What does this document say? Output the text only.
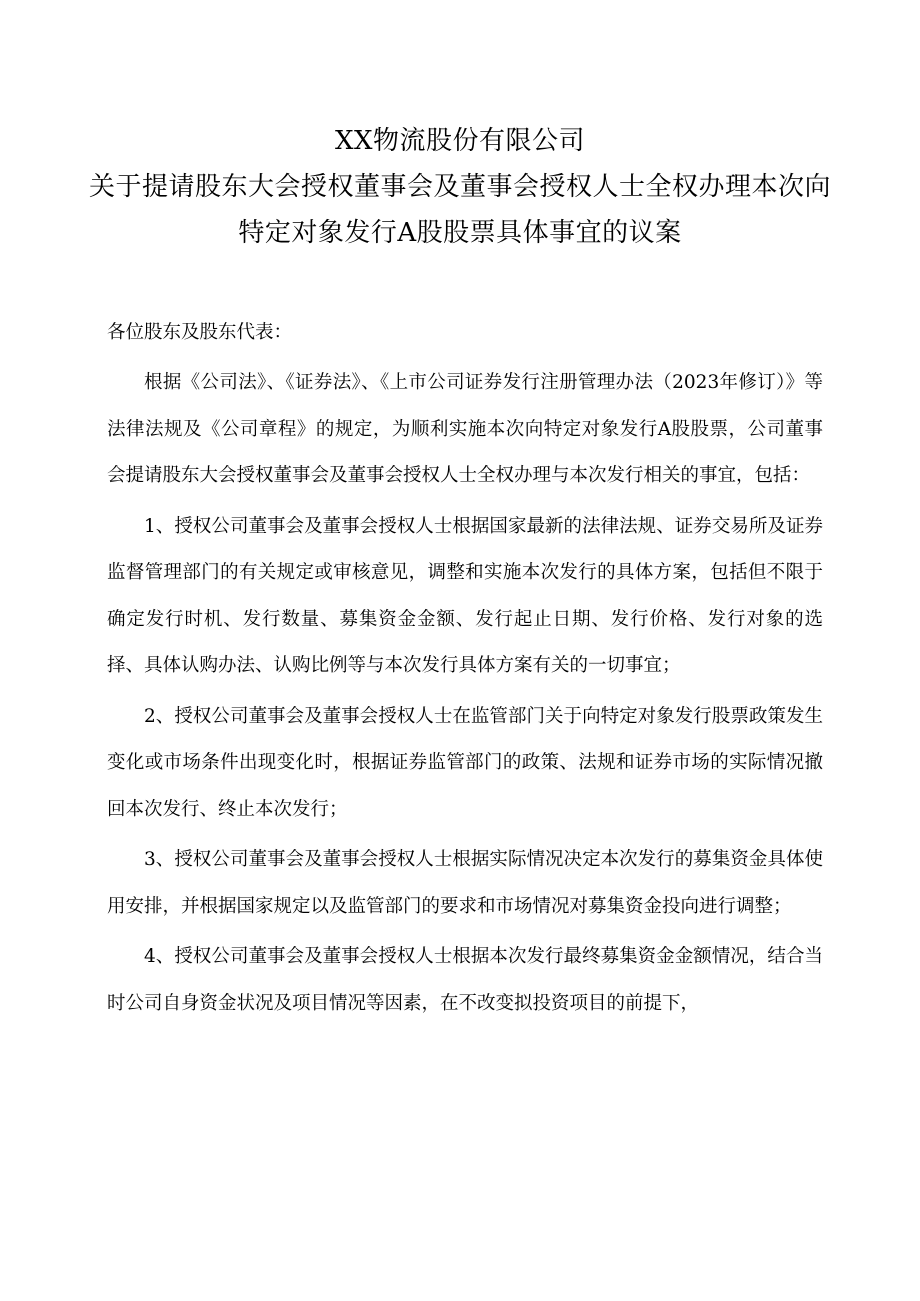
XX物流股份有限公司
关于提请股东大会授权董事会及董事会授权人士全权办理本次向
特定对象发行A股股票具体事宜的议案
各位股东及股东代表：

根据《公司法》、《证券法》、《上市公司证券发行注册管理办法（2023年修订）》等法律法规及《公司章程》的规定，为顺利实施本次向特定对象发行A股股票，公司董事会提请股东大会授权董事会及董事会授权人士全权办理与本次发行相关的事宜，包括：

1、授权公司董事会及董事会授权人士根据国家最新的法律法规、证券交易所及证券监督管理部门的有关规定或审核意见，调整和实施本次发行的具体方案，包括但不限于确定发行时机、发行数量、募集资金金额、发行起止日期、发行价格、发行对象的选择、具体认购办法、认购比例等与本次发行具体方案有关的一切事宜；

2、授权公司董事会及董事会授权人士在监管部门关于向特定对象发行股票政策发生变化或市场条件出现变化时，根据证券监管部门的政策、法规和证券市场的实际情况撤回本次发行、终止本次发行；

3、授权公司董事会及董事会授权人士根据实际情况决定本次发行的募集资金具体使用安排，并根据国家规定以及监管部门的要求和市场情况对募集资金投向进行调整；

4、授权公司董事会及董事会授权人士根据本次发行最终募集资金金额情况，结合当时公司自身资金状况及项目情况等因素，在不改变拟投资项目的前提下，
